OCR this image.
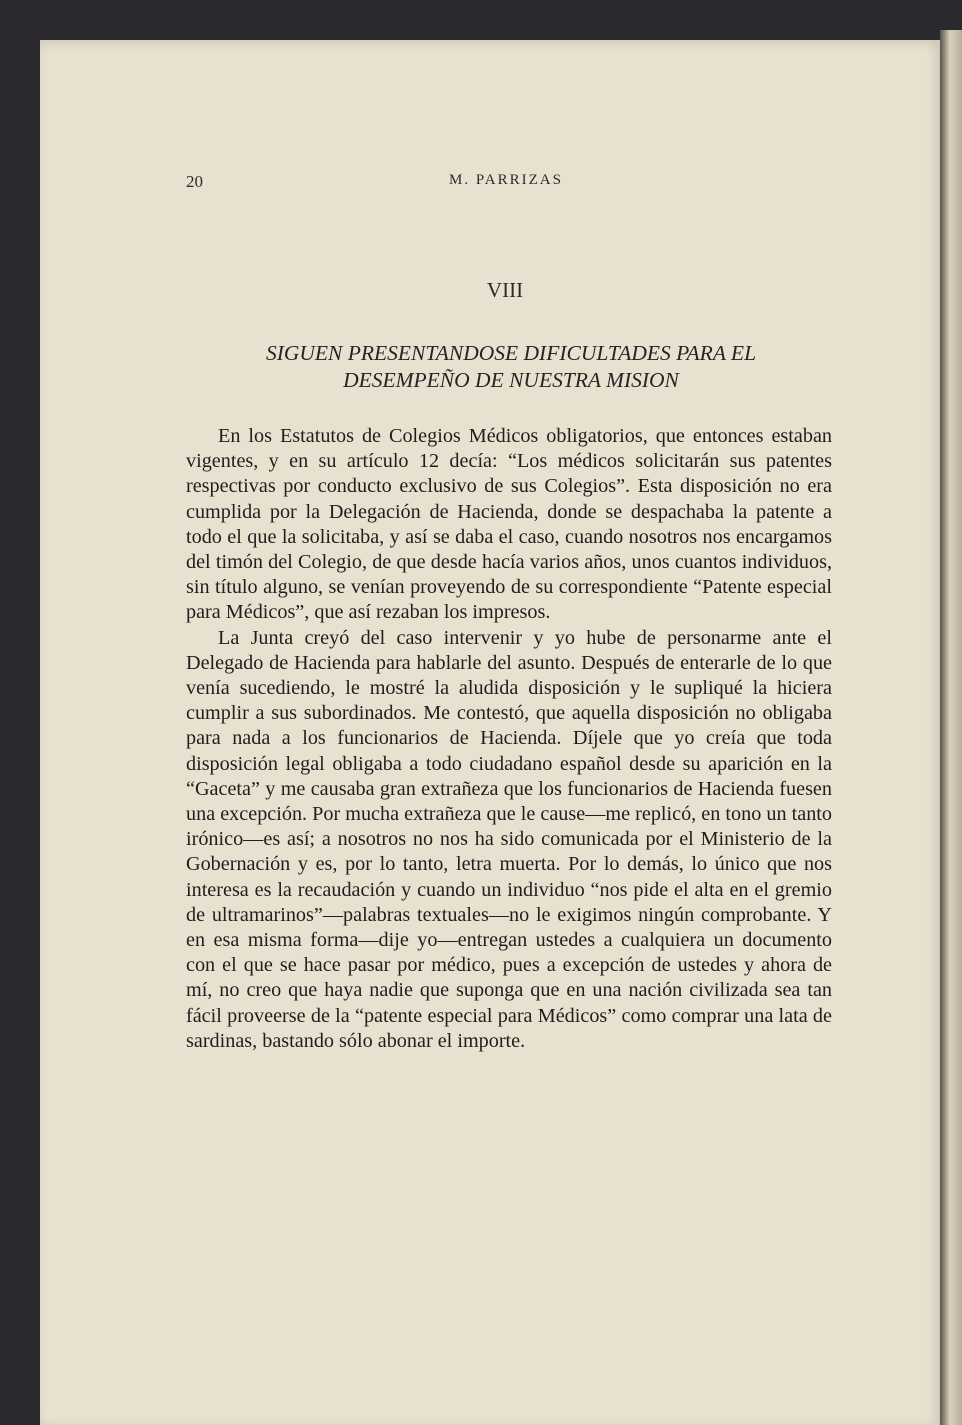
20	M. PARRIZAS
VIII
SIGUEN PRESENTANDOSE DIFICULTADES PARA EL
DESEMPEÑO DE NUESTRA MISION

En los Estatutos de Colegios Médicos obligatorios, que entonces estaban vigentes, y en su artículo 12 decía: “Los médicos solicitarán sus patentes respectivas por conducto exclusivo de sus Colegios”. Esta disposición no era cumplida por la Delegación de Hacienda, donde se despachaba la patente a todo el que la solicitaba, y así se daba el caso, cuando nosotros nos encargamos del timón del Colegio, de que desde hacía varios años, unos cuantos individuos, sin título alguno, se venían proveyendo de su correspondiente “Patente especial para Médicos”, que así rezaban los impresos.

La Junta creyó del caso intervenir y yo hube de personarme ante el Delegado de Hacienda para hablarle del asunto. Después de enterarle de lo que venía sucediendo, le mostré la aludida disposición y le supliqué la hiciera cumplir a sus subordinados. Me contestó, que aquella disposición no obligaba para nada a los funcionarios de Hacienda. Díjele que yo creía que toda disposición legal obligaba a todo ciudadano español desde su aparición en la “Gaceta” y me causaba gran extrañeza que los funcionarios de Hacienda fuesen una excepción. Por mucha extrañeza que le cause—me replicó, en tono un tanto irónico—es así; a nosotros no nos ha sido comunicada por el Ministerio de la Gobernación y es, por lo tanto, letra muerta. Por lo demás, lo único que nos interesa es la recaudación y cuando un individuo “nos pide el alta en el gremio de ultramarinos”—palabras textuales—no le exigimos ningún comprobante. Y en esa misma forma—dije yo—entregan ustedes a cualquiera un documento con el que se hace pasar por médico, pues a excepción de ustedes y ahora de mí, no creo que haya nadie que suponga que en una nación civilizada sea tan fácil proveerse de la “patente especial para Médicos” como comprar una lata de sardinas, bastando sólo abonar el importe.
